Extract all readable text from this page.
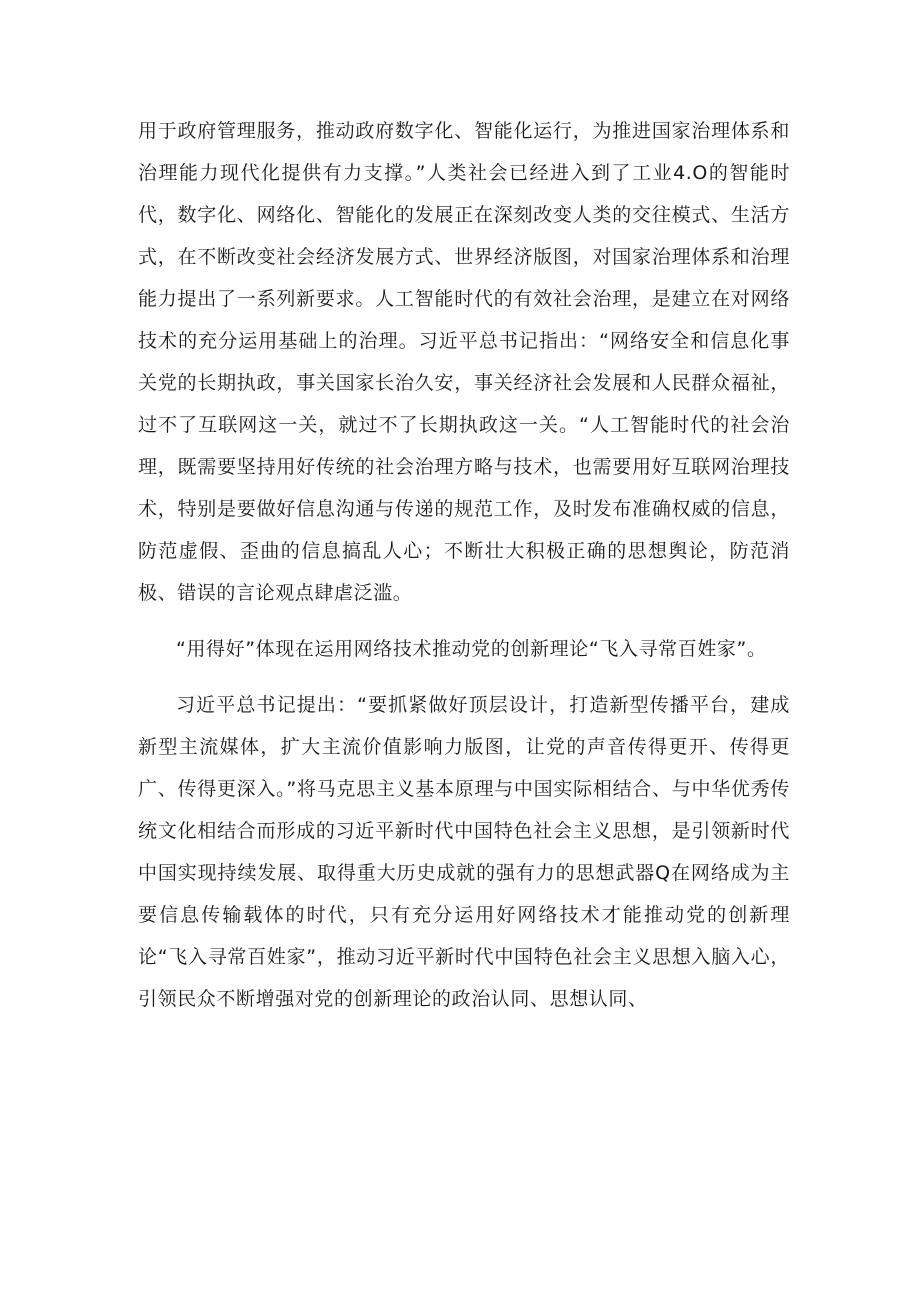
用于政府管理服务，推动政府数字化、智能化运行，为推进国家治理体系和治理能力现代化提供有力支撑。”人类社会已经进入到了工业4.O的智能时代，数字化、网络化、智能化的发展正在深刻改变人类的交往模式、生活方式，在不断改变社会经济发展方式、世界经济版图，对国家治理体系和治理能力提出了一系列新要求。人工智能时代的有效社会治理，是建立在对网络技术的充分运用基础上的治理。习近平总书记指出：“网络安全和信息化事关党的长期执政，事关国家长治久安，事关经济社会发展和人民群众福祉，过不了互联网这一关，就过不了长期执政这一关。“人工智能时代的社会治理，既需要坚持用好传统的社会治理方略与技术，也需要用好互联网治理技术，特别是要做好信息沟通与传递的规范工作，及时发布准确权威的信息，防范虚假、歪曲的信息搞乱人心；不断壮大积极正确的思想舆论，防范消极、错误的言论观点肆虐泛滥。

“用得好”体现在运用网络技术推动党的创新理论“飞入寻常百姓家”。

习近平总书记提出：“要抓紧做好顶层设计，打造新型传播平台，建成新型主流媒体，扩大主流价值影响力版图，让党的声音传得更开、传得更广、传得更深入。”将马克思主义基本原理与中国实际相结合、与中华优秀传统文化相结合而形成的习近平新时代中国特色社会主义思想，是引领新时代中国实现持续发展、取得重大历史成就的强有力的思想武器Q在网络成为主要信息传输载体的时代，只有充分运用好网络技术才能推动党的创新理论“飞入寻常百姓家”，推动习近平新时代中国特色社会主义思想入脑入心，引领民众不断增强对党的创新理论的政治认同、思想认同、
